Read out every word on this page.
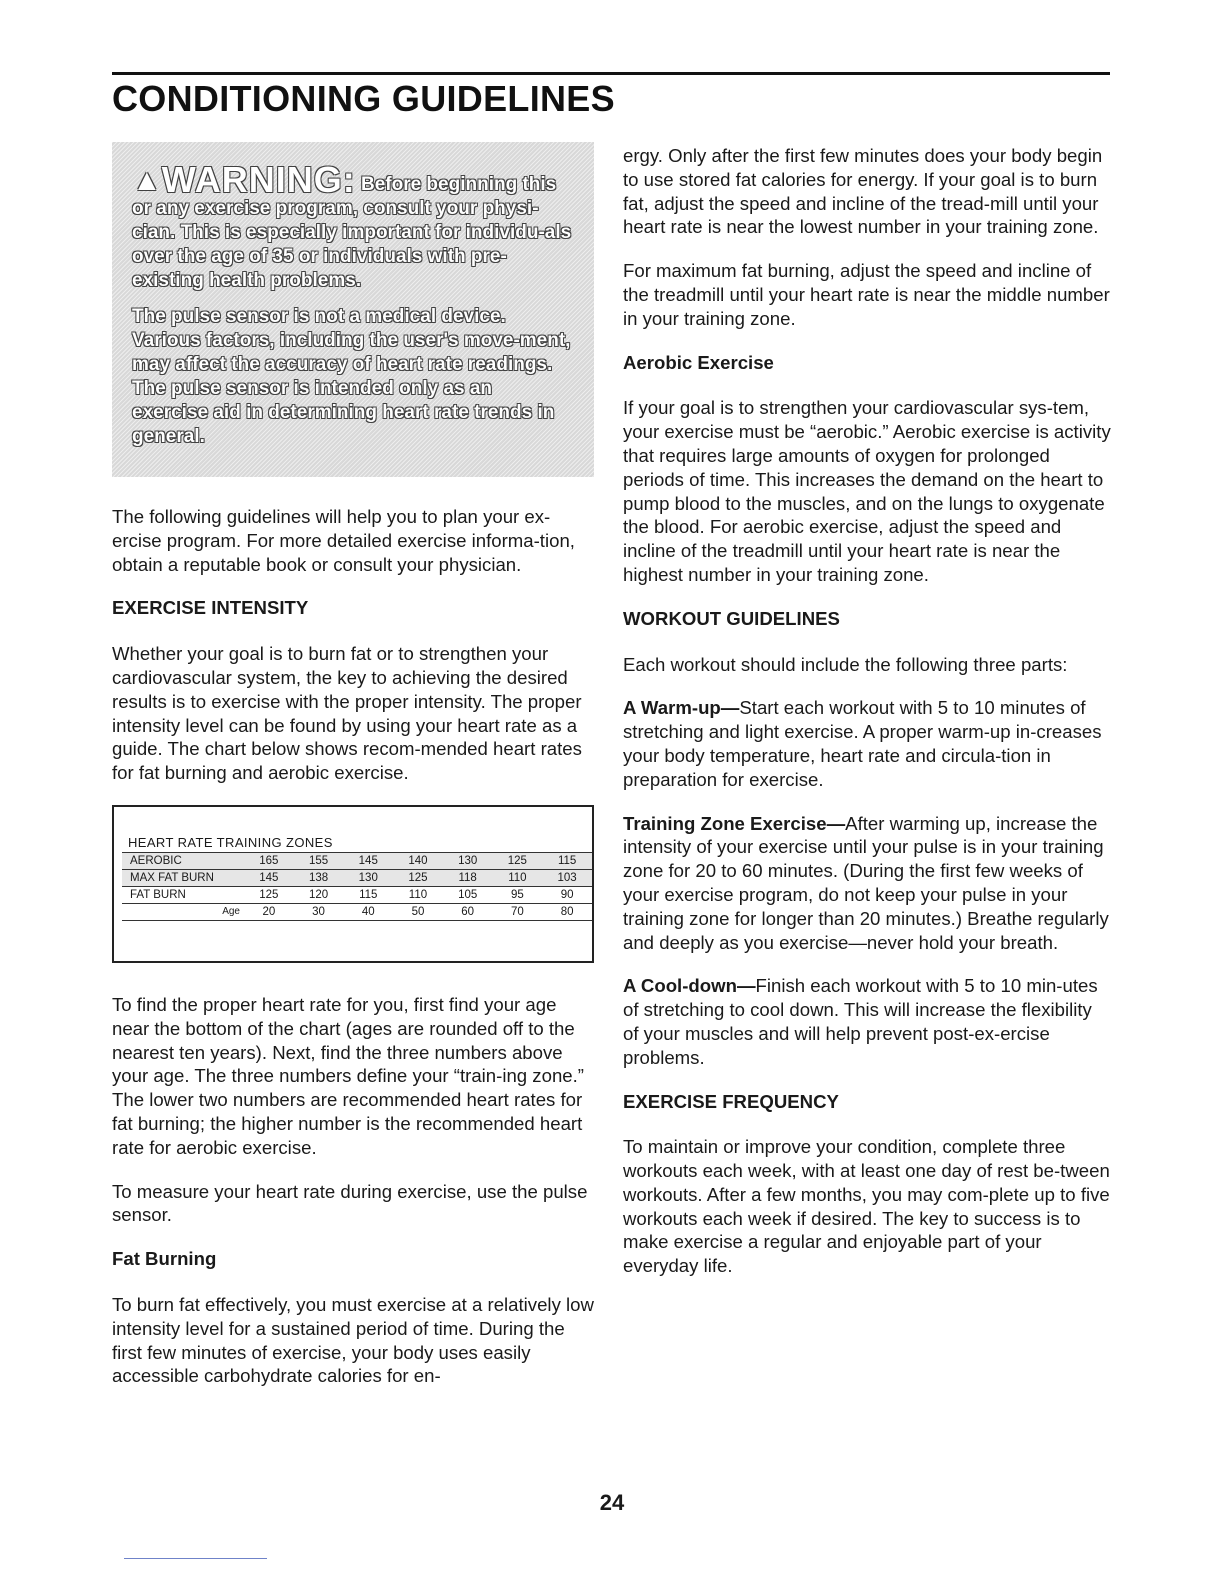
CONDITIONING GUIDELINES

▲WARNING: Before beginning this or any exercise program, consult your physi-cian. This is especially important for individu-als over the age of 35 or individuals with pre-existing health problems.

The pulse sensor is not a medical device. Various factors, including the user's move-ment, may affect the accuracy of heart rate readings. The pulse sensor is intended only as an exercise aid in determining heart rate trends in general.

The following guidelines will help you to plan your ex-ercise program. For more detailed exercise informa-tion, obtain a reputable book or consult your physician.

EXERCISE INTENSITY

Whether your goal is to burn fat or to strengthen your cardiovascular system, the key to achieving the desired results is to exercise with the proper intensity. The proper intensity level can be found by using your heart rate as a guide. The chart below shows recom-mended heart rates for fat burning and aerobic exercise.

HEART RATE TRAINING ZONES
AEROBIC	165	155	145	140	130	125	115
MAX FAT BURN	145	138	130	125	118	110	103
FAT BURN	125	120	115	110	105	95	90
Age	20	30	40	50	60	70	80

To find the proper heart rate for you, first find your age near the bottom of the chart (ages are rounded off to the nearest ten years). Next, find the three numbers above your age. The three numbers define your “train-ing zone.” The lower two numbers are recommended heart rates for fat burning; the higher number is the recommended heart rate for aerobic exercise.

To measure your heart rate during exercise, use the pulse sensor.

Fat Burning

To burn fat effectively, you must exercise at a relatively low intensity level for a sustained period of time. During the first few minutes of exercise, your body uses easily accessible carbohydrate calories for en-

ergy. Only after the first few minutes does your body begin to use stored fat calories for energy. If your goal is to burn fat, adjust the speed and incline of the tread-mill until your heart rate is near the lowest number in your training zone.

For maximum fat burning, adjust the speed and incline of the treadmill until your heart rate is near the middle number in your training zone.

Aerobic Exercise

If your goal is to strengthen your cardiovascular sys-tem, your exercise must be “aerobic.” Aerobic exercise is activity that requires large amounts of oxygen for prolonged periods of time. This increases the demand on the heart to pump blood to the muscles, and on the lungs to oxygenate the blood. For aerobic exercise, adjust the speed and incline of the treadmill until your heart rate is near the highest number in your training zone.

WORKOUT GUIDELINES

Each workout should include the following three parts:

A Warm-up—Start each workout with 5 to 10 minutes of stretching and light exercise. A proper warm-up in-creases your body temperature, heart rate and circula-tion in preparation for exercise.

Training Zone Exercise—After warming up, increase the intensity of your exercise until your pulse is in your training zone for 20 to 60 minutes. (During the first few weeks of your exercise program, do not keep your pulse in your training zone for longer than 20 minutes.) Breathe regularly and deeply as you exercise—never hold your breath.

A Cool-down—Finish each workout with 5 to 10 min-utes of stretching to cool down. This will increase the flexibility of your muscles and will help prevent post-ex-ercise problems.

EXERCISE FREQUENCY

To maintain or improve your condition, complete three workouts each week, with at least one day of rest be-tween workouts. After a few months, you may com-plete up to five workouts each week if desired. The key to success is to make exercise a regular and enjoyable part of your everyday life.

24
